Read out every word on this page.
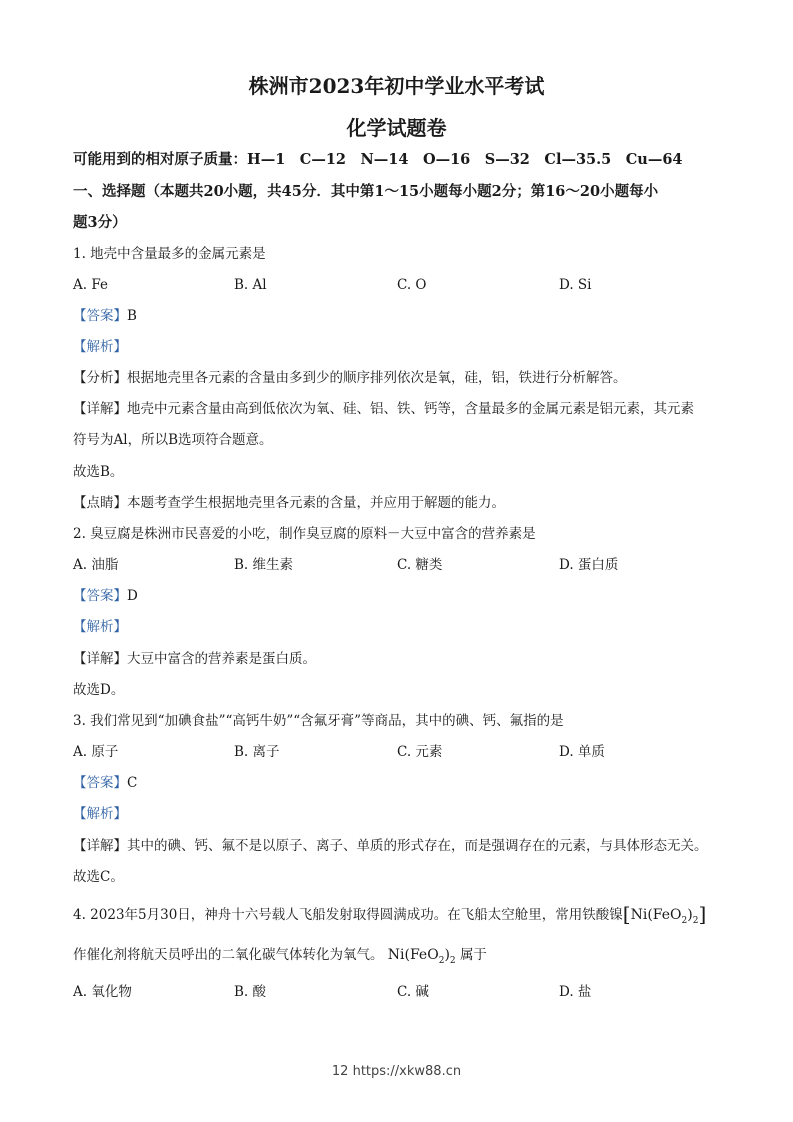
株洲市2023年初中学业水平考试
化学试题卷
可能用到的相对原子质量：H—1　C—12　N—14　O—16　S—32　Cl—35.5　Cu—64
一、选择题（本题共20小题，共45分．其中第1～15小题每小题2分；第16～20小题每小
题3分）
1. 地壳中含量最多的金属元素是
A. Fe	B. Al	C. O	D. Si
【答案】B
【解析】
【分析】根据地壳里各元素的含量由多到少的顺序排列依次是氧，硅，铝，铁进行分析解答。
【详解】地壳中元素含量由高到低依次为氧、硅、铝、铁、钙等，含量最多的金属元素是铝元素，其元素
符号为Al，所以B选项符合题意。
故选B。
【点睛】本题考查学生根据地壳里各元素的含量，并应用于解题的能力。
2. 臭豆腐是株洲市民喜爱的小吃，制作臭豆腐的原料－大豆中富含的营养素是
A. 油脂	B. 维生素	C. 糖类	D. 蛋白质
【答案】D
【解析】
【详解】大豆中富含的营养素是蛋白质。
故选D。
3. 我们常见到“加碘食盐”“高钙牛奶”“含氟牙膏”等商品，其中的碘、钙、氟指的是
A. 原子	B. 离子	C. 元素	D. 单质
【答案】C
【解析】
【详解】其中的碘、钙、氟不是以原子、离子、单质的形式存在，而是强调存在的元素，与具体形态无关。
故选C。
4. 2023年5月30日，神舟十六号载人飞船发射取得圆满成功。在飞船太空舱里，常用铁酸镍$[Ni(FeO_2)_2]$
作催化剂将航天员呼出的二氧化碳气体转化为氧气。 $Ni(FeO_2)_2$ 属于
A. 氧化物	B. 酸	C. 碱	D. 盐
12 https://xkw88.cn
